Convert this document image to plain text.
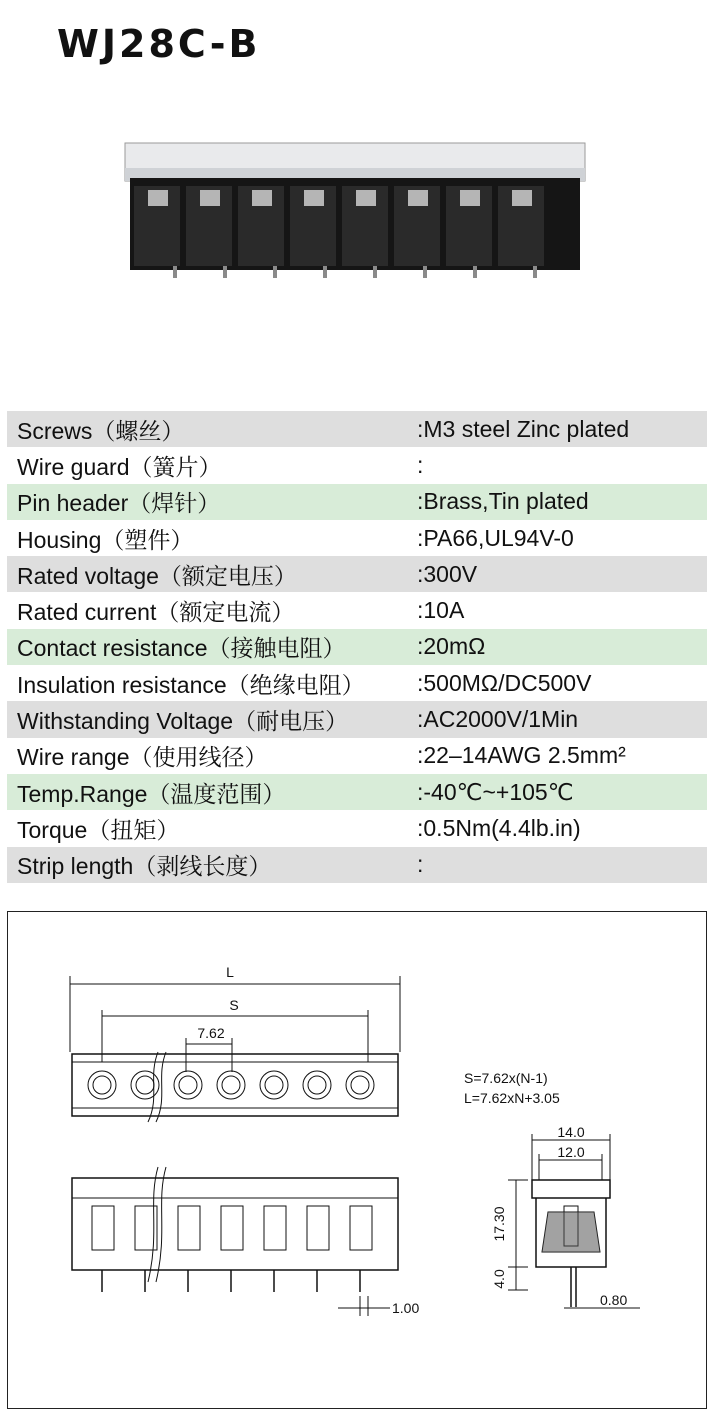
WJ28C-B
Screws（螺丝）	:M3 steel Zinc plated
Wire guard（簧片）	:
Pin header（焊针）	:Brass,Tin plated
Housing（塑件）	:PA66,UL94V-0
Rated voltage（额定电压）	:300V
Rated current（额定电流）	:10A
Contact resistance（接触电阻）	:20mΩ
Insulation resistance（绝缘电阻）	:500MΩ/DC500V
Withstanding Voltage（耐电压）	:AC2000V/1Min
Wire range（使用线径）	:22–14AWG 2.5mm²
Temp.Range（温度范围）	:-40℃~+105℃
Torque（扭矩）	:0.5Nm(4.4lb.in)
Strip length（剥线长度）	:
L
S
7.62
S=7.62x(N-1)
L=7.62xN+3.05
14.0
12.0
17.30
4.0
1.00	0.80
